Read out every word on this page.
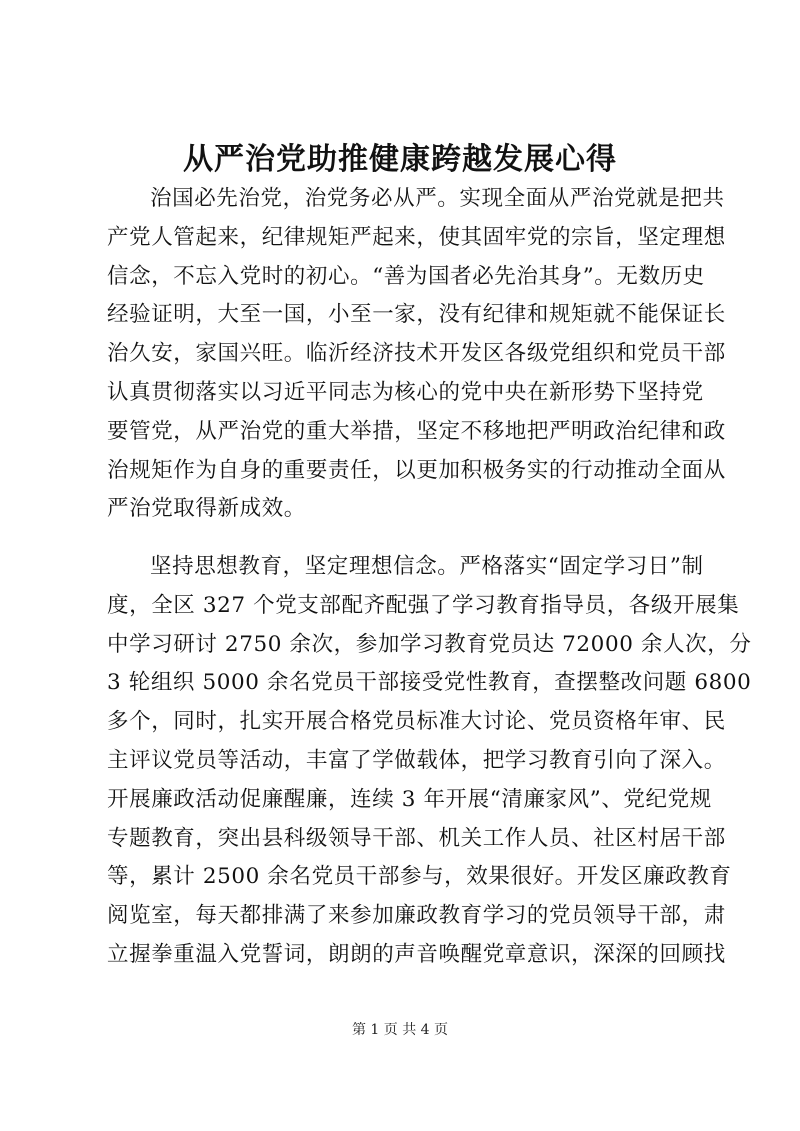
从严治党助推健康跨越发展心得
治国必先治党，治党务必从严。实现全面从严治党就是把共
产党人管起来，纪律规矩严起来，使其固牢党的宗旨，坚定理想
信念，不忘入党时的初心。“善为国者必先治其身”。无数历史
经验证明，大至一国，小至一家，没有纪律和规矩就不能保证长
治久安，家国兴旺。临沂经济技术开发区各级党组织和党员干部
认真贯彻落实以习近平同志为核心的党中央在新形势下坚持党
要管党，从严治党的重大举措，坚定不移地把严明政治纪律和政
治规矩作为自身的重要责任，以更加积极务实的行动推动全面从
严治党取得新成效。
坚持思想教育，坚定理想信念。严格落实“固定学习日”制
度，全区 327 个党支部配齐配强了学习教育指导员，各级开展集
中学习研讨 2750 余次，参加学习教育党员达 72000 余人次，分
3 轮组织 5000 余名党员干部接受党性教育，查摆整改问题 6800
多个，同时，扎实开展合格党员标准大讨论、党员资格年审、民
主评议党员等活动，丰富了学做载体，把学习教育引向了深入。
开展廉政活动促廉醒廉，连续 3 年开展“清廉家风”、党纪党规
专题教育，突出县科级领导干部、机关工作人员、社区村居干部
等，累计 2500 余名党员干部参与，效果很好。开发区廉政教育
阅览室，每天都排满了来参加廉政教育学习的党员领导干部，肃
立握拳重温入党誓词，朗朗的声音唤醒党章意识，深深的回顾找
第 1 页 共 4 页
